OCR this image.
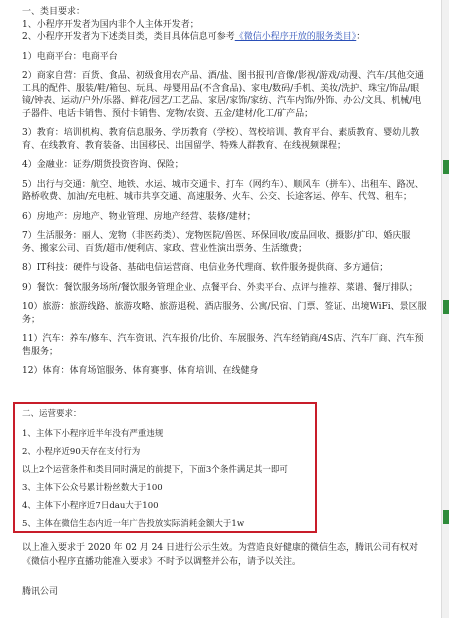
一、类目要求：
1、小程序开发者为国内非个人主体开发者；
2、小程序开发者为下述类目类，类目具体信息可参考《微信小程序开放的服务类目》：
1）电商平台：电商平台
2）商家自营：百货、食品、初级食用农产品、酒/盐、图书报刊/音像/影视/游戏/动漫、汽车/其他交通工具的配件、服装/鞋/箱包、玩具、母婴用品(不含食品)、家电/数码/手机、美妆/洗护、珠宝/饰品/眼镜/钟表、运动/户外/乐器、鲜花/园艺/工艺品、家居/家饰/家纺、汽车内饰/外饰、办公/文具、机械/电子器件、电话卡销售、预付卡销售、宠物/农资、五金/建材/化工/矿产品；
3）教育：培训机构、教育信息服务、学历教育（学校）、驾校培训、教育平台、素质教育、婴幼儿教育、在线教育、教育装备、出国移民、出国留学、特殊人群教育、在线视频课程；
4）金融业：证券/期货投资咨询、保险；
5）出行与交通：航空、地铁、水运、城市交通卡、打车（网约车）、顺风车（拼车）、出租车、路况、路桥收费、加油/充电桩、城市共享交通、高速服务、火车、公交、长途客运、停车、代驾、租车；
6）房地产：房地产、物业管理、房地产经营、装修/建材；
7）生活服务：丽人、宠物（非医药类）、宠物医院/兽医、环保回收/废品回收、摄影/扩印、婚庆服务、搬家公司、百货/超市/便利店、家政、营业性演出票务、生活缴费；
8）IT科技：硬件与设备、基础电信运营商、电信业务代理商、软件服务提供商、多方通信；
9）餐饮：餐饮服务场所/餐饮服务管理企业、点餐平台、外卖平台、点评与推荐、菜谱、餐厅排队；
10）旅游：旅游线路、旅游攻略、旅游退税、酒店服务、公寓/民宿、门票、签证、出境WiFi、景区服务；
11）汽车：养车/修车、汽车资讯、汽车报价/比价、车展服务、汽车经销商/4S店、汽车厂商、汽车预售服务；
12）体育：体育场馆服务、体育赛事、体育培训、在线健身
二、运营要求：
1、主体下小程序近半年没有严重违规
2、小程序近90天存在支付行为
以上2个运营条件和类目同时满足的前提下，下面3个条件满足其一即可
3、主体下公众号累计粉丝数大于100
4、主体下小程序近7日dau大于100
5、主体在微信生态内近一年广告投放实际消耗金额大于1w
以上准入要求于 2020 年 02 月 24 日进行公示生效。为营造良好健康的微信生态，腾讯公司有权对《微信小程序直播功能准入要求》不时予以调整并公布，请予以关注。
腾讯公司
